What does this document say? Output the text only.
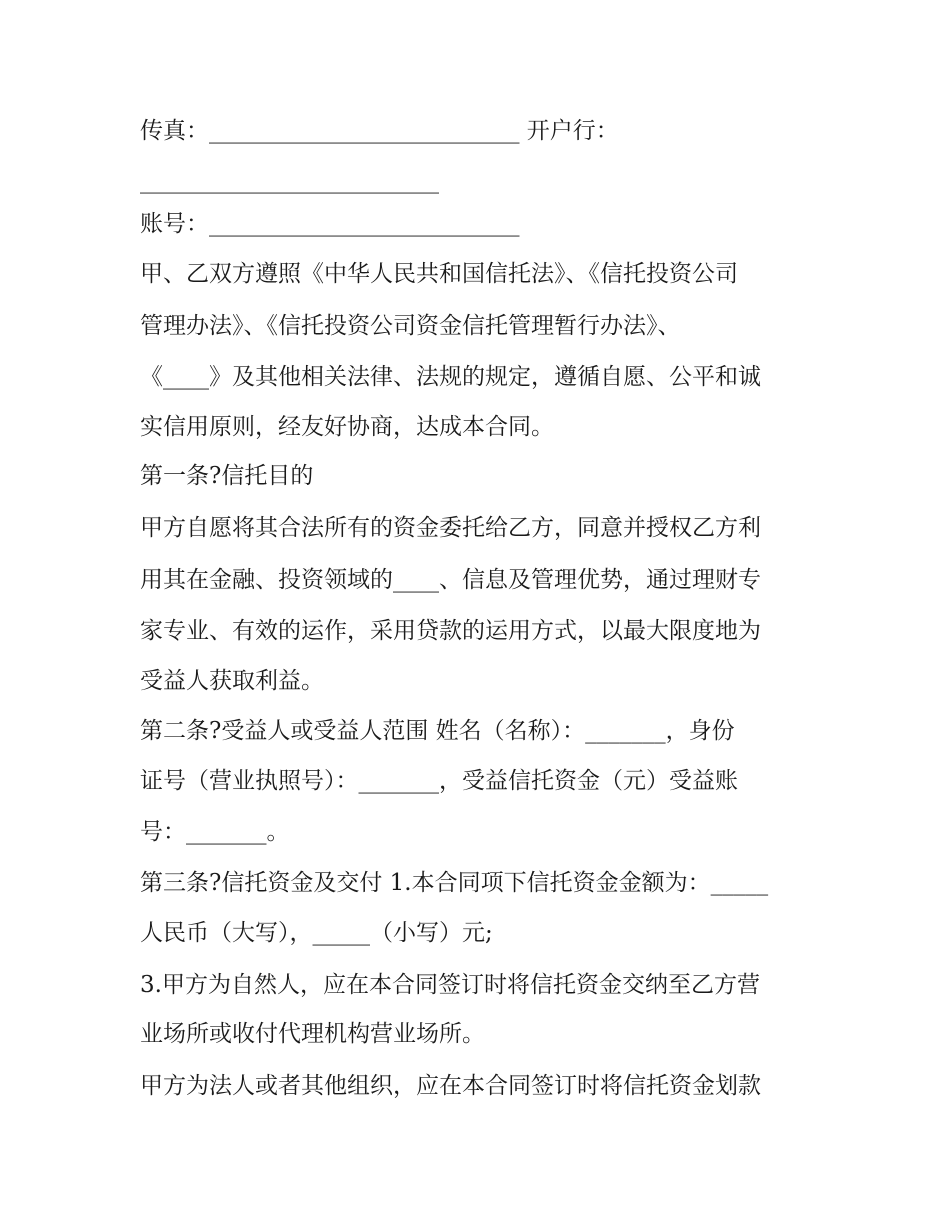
传真：___________________________ 开户行：
__________________________
账号：___________________________
甲、乙双方遵照《中华人民共和国信托法》、《信托投资公司
管理办法》、《信托投资公司资金信托管理暂行办法》、
《____》及其他相关法律、法规的规定，遵循自愿、公平和诚
实信用原则，经友好协商，达成本合同。
第一条?信托目的
甲方自愿将其合法所有的资金委托给乙方，同意并授权乙方利
用其在金融、投资领域的____、信息及管理优势，通过理财专
家专业、有效的运作，采用贷款的运用方式，以最大限度地为
受益人获取利益。
第二条?受益人或受益人范围 姓名（名称）：_______，身份
证号（营业执照号）：_______，受益信托资金（元）受益账
号：_______。
第三条?信托资金及交付 1.本合同项下信托资金金额为：_____
人民币（大写），_____（小写）元;
3.甲方为自然人，应在本合同签订时将信托资金交纳至乙方营
业场所或收付代理机构营业场所。
甲方为法人或者其他组织，应在本合同签订时将信托资金划款
